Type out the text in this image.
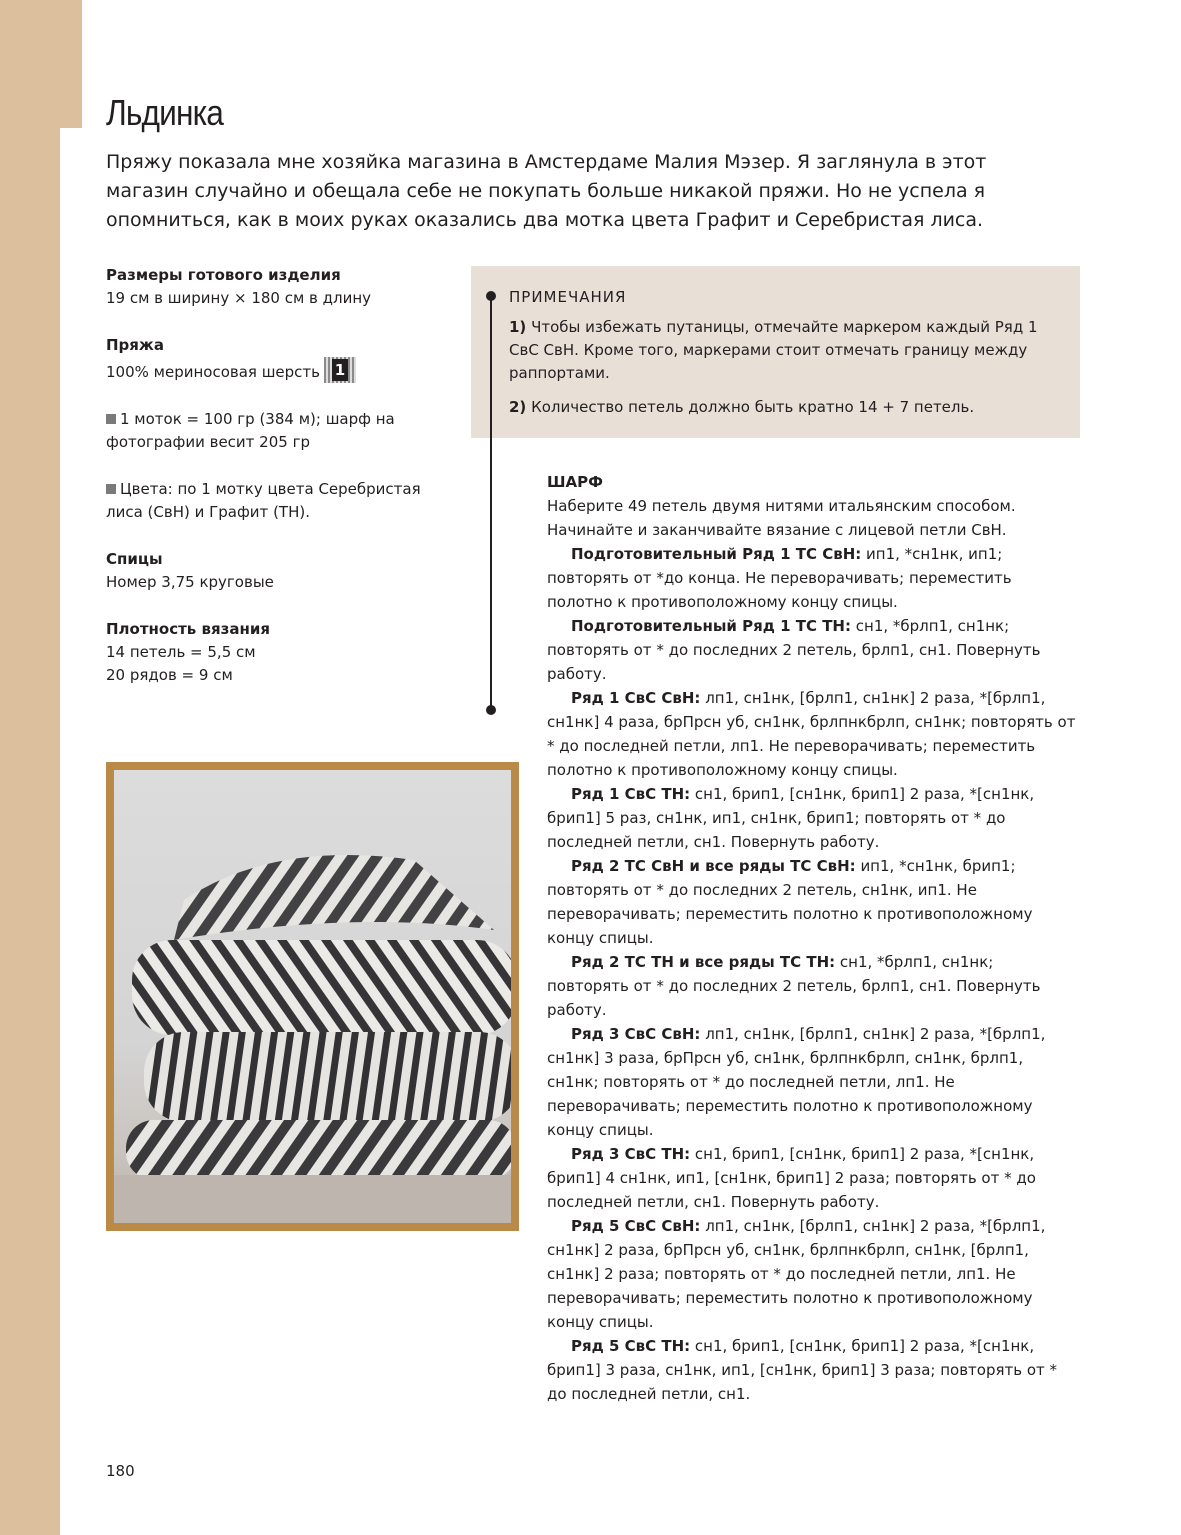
Льдинка

Пряжу показала мне хозяйка магазина в Амстердаме Малия Мэзер. Я заглянула в этот магазин случайно и обещала себе не покупать больше никакой пряжи. Но не успела я опомниться, как в моих руках оказались два мотка цвета Графит и Серебристая лиса.

Размеры готового изделия

19 см в ширину × 180 см в длину

Пряжа

100% мериносовая шерсть 1

1 моток = 100 гр (384 м); шарф на фотографии весит 205 гр

Цвета: по 1 мотку цвета Серебристая лиса (СвН) и Графит (ТН).

Спицы

Номер 3,75 круговые

Плотность вязания

14 петель = 5,5 см

20 рядов = 9 см

ПРИМЕЧАНИЯ

1) Чтобы избежать путаницы, отмечайте маркером каждый Ряд 1 СвС СвН. Кроме того, маркерами стоит отмечать границу между раппортами.

2) Количество петель должно быть кратно 14 + 7 петель.

ШАРФ

Наберите 49 петель двумя нитями итальянским способом. Начинайте и заканчивайте вязание с лицевой петли СвН.

Подготовительный Ряд 1 ТС СвН: ип1, *сн1нк, ип1; повторять от *до конца. Не переворачивать; переместить полотно к противоположному концу спицы.

Подготовительный Ряд 1 ТС ТН: сн1, *брлп1, сн1нк; повторять от * до последних 2 петель, брлп1, сн1. Повернуть работу.

Ряд 1 СвС СвН: лп1, сн1нк, [брлп1, сн1нк] 2 раза, *[брлп1, сн1нк] 4 раза, брПрсн уб, сн1нк, брлпнкбрлп, сн1нк; повторять от * до последней петли, лп1. Не переворачивать; переместить полотно к противоположному концу спицы.

Ряд 1 СвС ТН: сн1, брип1, [сн1нк, брип1] 2 раза, *[сн1нк, брип1] 5 раз, сн1нк, ип1, сн1нк, брип1; повторять от * до последней петли, сн1. Повернуть работу.

Ряд 2 ТС СвН и все ряды ТС СвН: ип1, *сн1нк, брип1; повторять от * до последних 2 петель, сн1нк, ип1. Не переворачивать; переместить полотно к противоположному концу спицы.

Ряд 2 ТС ТН и все ряды ТС ТН: сн1, *брлп1, сн1нк; повторять от * до последних 2 петель, брлп1, сн1. Повернуть работу.

Ряд 3 СвС СвН: лп1, сн1нк, [брлп1, сн1нк] 2 раза, *[брлп1, сн1нк] 3 раза, брПрсн уб, сн1нк, брлпнкбрлп, сн1нк, брлп1, сн1нк; повторять от * до последней петли, лп1. Не переворачивать; переместить полотно к противоположному концу спицы.

Ряд 3 СвС ТН: сн1, брип1, [сн1нк, брип1] 2 раза, *[сн1нк, брип1] 4 сн1нк, ип1, [сн1нк, брип1] 2 раза; повторять от * до последней петли, сн1. Повернуть работу.

Ряд 5 СвС СвН: лп1, сн1нк, [брлп1, сн1нк] 2 раза, *[брлп1, сн1нк] 2 раза, брПрсн уб, сн1нк, брлпнкбрлп, сн1нк, [брлп1, сн1нк] 2 раза; повторять от * до последней петли, лп1. Не переворачивать; переместить полотно к противоположному концу спицы.

Ряд 5 СвС ТН: сн1, брип1, [сн1нк, брип1] 2 раза, *[сн1нк, брип1] 3 раза, сн1нк, ип1, [сн1нк, брип1] 3 раза; повторять от * до последней петли, сн1.

180
